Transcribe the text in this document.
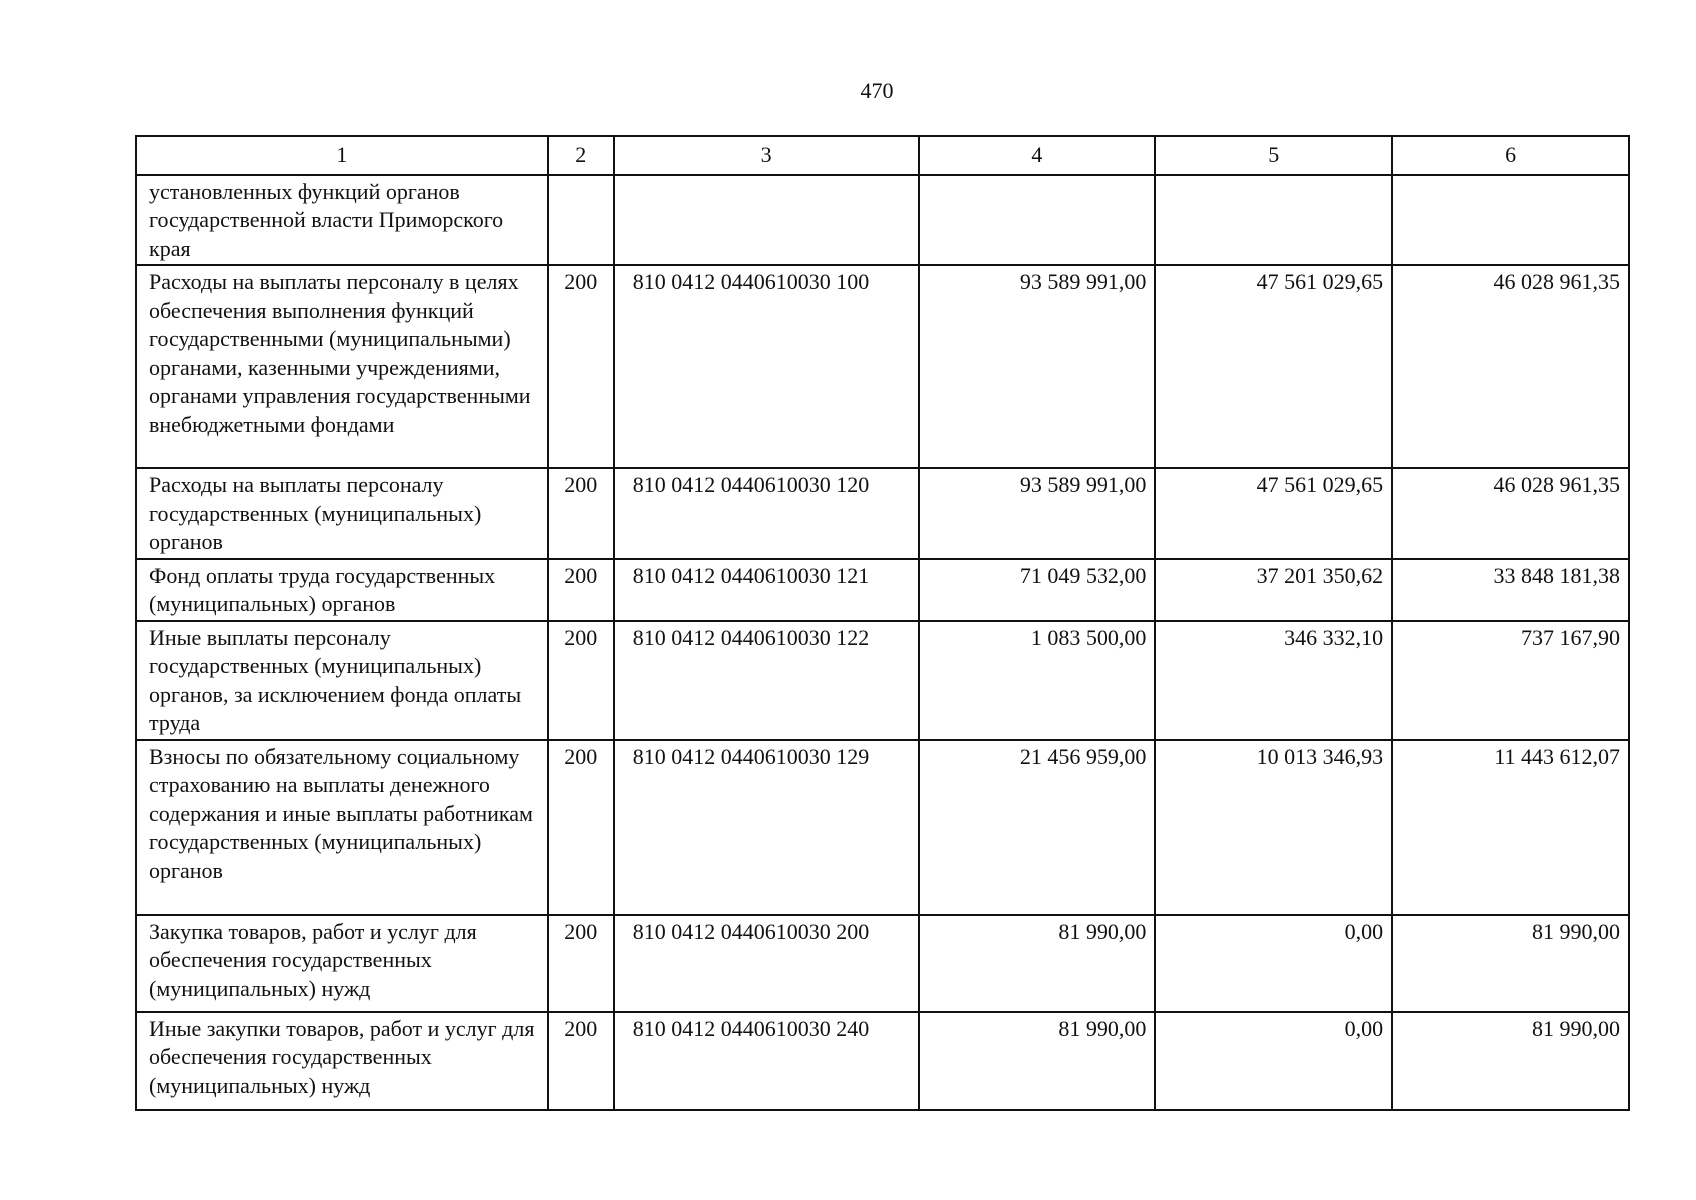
470
1	2	3	4	5	6
установленных функций органов государственной власти Приморского края					
Расходы на выплаты персоналу в целях обеспечения выполнения функций государственными (муниципальными) органами, казенными учреждениями, органами управления государственными внебюджетными фондами	200	810 0412 0440610030 100	93 589 991,00	47 561 029,65	46 028 961,35
Расходы на выплаты персоналу государственных (муниципальных) органов	200	810 0412 0440610030 120	93 589 991,00	47 561 029,65	46 028 961,35
Фонд оплаты труда государственных (муниципальных) органов	200	810 0412 0440610030 121	71 049 532,00	37 201 350,62	33 848 181,38
Иные выплаты персоналу государственных (муниципальных) органов, за исключением фонда оплаты труда	200	810 0412 0440610030 122	1 083 500,00	346 332,10	737 167,90
Взносы по обязательному социальному страхованию на выплаты денежного содержания и иные выплаты работникам государственных (муниципальных) органов	200	810 0412 0440610030 129	21 456 959,00	10 013 346,93	11 443 612,07
Закупка товаров, работ и услуг для обеспечения государственных (муниципальных) нужд	200	810 0412 0440610030 200	81 990,00	0,00	81 990,00
Иные закупки товаров, работ и услуг для обеспечения государственных (муниципальных) нужд	200	810 0412 0440610030 240	81 990,00	0,00	81 990,00
